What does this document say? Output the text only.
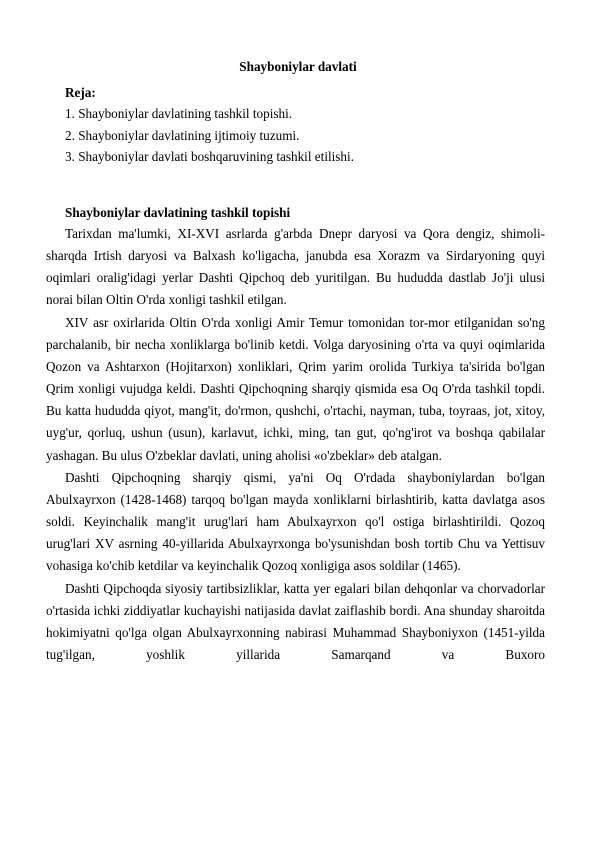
Shayboniylar davlati
Reja:
1. Shayboniylar davlatining tashkil topishi.
2. Shayboniylar davlatining ijtimoiy tuzumi.
3. Shayboniylar davlati boshqaruvining tashkil etilishi.
Shayboniylar davlatining tashkil topishi

Tarixdan ma'lumki, XI-XVI asrlarda g'arbda Dnepr daryosi va Qora dengiz, shimoli-sharqda Irtish daryosi va Balxash ko'ligacha, janubda esa Xorazm va Sirdaryoning quyi oqimlari oralig'idagi yerlar Dashti Qipchoq deb yuritilgan. Bu hududda dastlab Jo'ji ulusi norai bilan Oltin O'rda xonligi tashkil etilgan.

XIV asr oxirlarida Oltin O'rda xonligi Amir Temur tomonidan tor-mor etilganidan so'ng parchalanib, bir necha xonliklarga bo'linib ketdi. Volga daryosining o'rta va quyi oqimlarida Qozon va Ashtarxon (Hojitarxon) xonliklari, Qrim yarim orolida Turkiya ta'sirida bo'lgan Qrim xonligi vujudga keldi. Dashti Qipchoqning sharqiy qismida esa Oq O'rda tashkil topdi. Bu katta hududda qiyot, mang'it, do'rmon, qushchi, o'rtachi, nayman, tuba, toyraas, jot, xitoy, uyg'ur, qorluq, ushun (usun), karlavut, ichki, ming, tan gut, qo'ng'irot va boshqa qabilalar yashagan. Bu ulus O'zbeklar davlati, uning aholisi «o'zbeklar» deb atalgan.

Dashti Qipchoqning sharqiy qismi, ya'ni Oq O'rdada shayboniylardan bo'lgan Abulxayrxon (1428-1468) tarqoq bo'lgan mayda xonliklarni birlashtirib, katta davlatga asos soldi. Keyinchalik mang'it urug'lari ham Abulxayrxon qo'l ostiga birlashtirildi. Qozoq urug'lari XV asrning 40-yillarida Abulxayrxonga bo'ysunishdan bosh tortib Chu va Yettisuv vohasiga ko'chib ketdilar va keyinchalik Qozoq xonligiga asos soldilar (1465).

Dashti Qipchoqda siyosiy tartibsizliklar, katta yer egalari bilan dehqonlar va chorvadorlar o'rtasida ichki ziddiyatlar kuchayishi natijasida davlat zaiflashib bordi. Ana shunday sharoitda hokimiyatni qo'lga olgan Abulxayrxonning nabirasi Muhammad Shayboniyxon (1451-yilda tug'ilgan, yoshlik yillarida Samarqand va Buxoro
